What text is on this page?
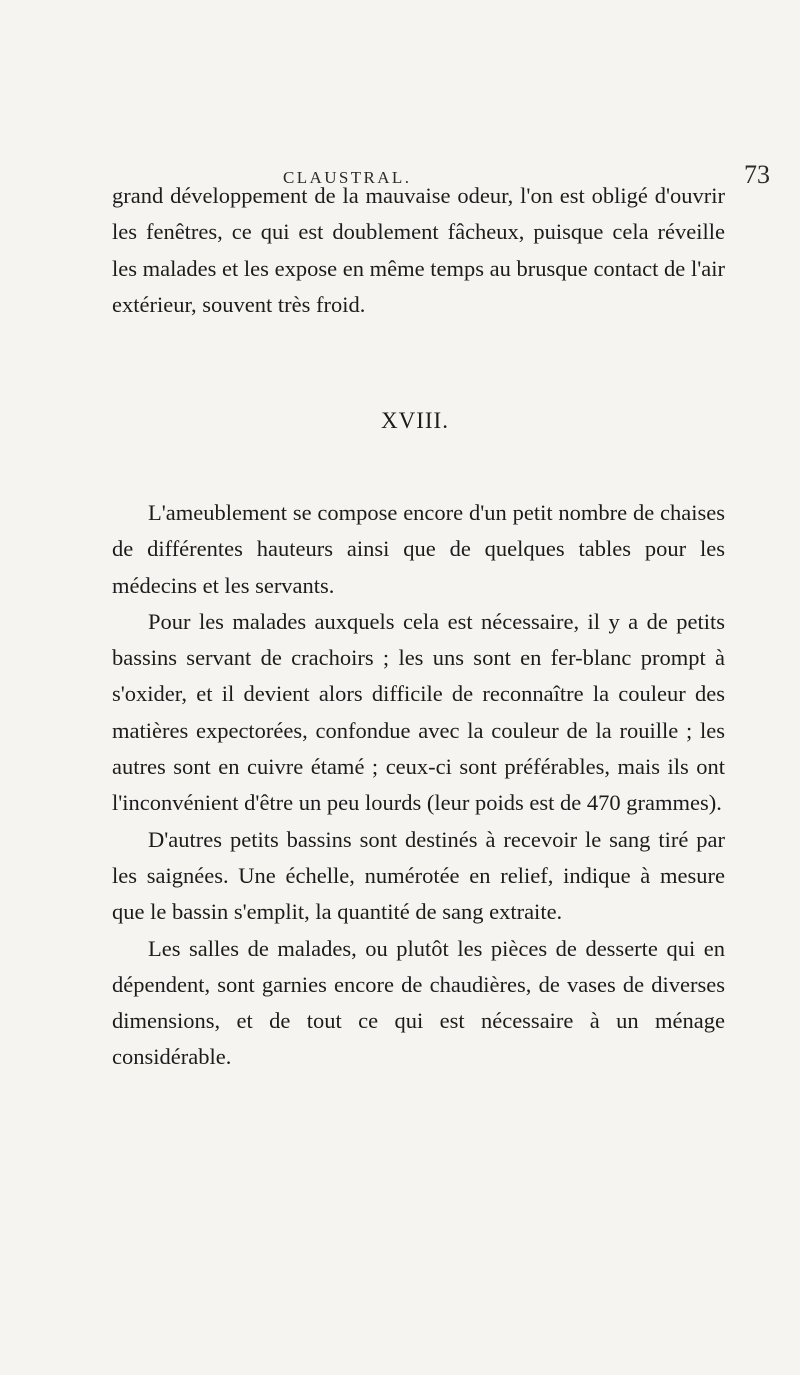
CLAUSTRAL.	73

grand développement de la mauvaise odeur, l'on est obligé d'ouvrir les fenêtres, ce qui est doublement fâcheux, puisque cela réveille les malades et les expose en même temps au brusque contact de l'air extérieur, souvent très froid.

XVIII.

L'ameublement se compose encore d'un petit nombre de chaises de différentes hauteurs ainsi que de quelques tables pour les médecins et les servants.

Pour les malades auxquels cela est nécessaire, il y a de petits bassins servant de crachoirs ; les uns sont en fer-blanc prompt à s'oxider, et il devient alors difficile de reconnaître la couleur des matières expectorées, confondue avec la couleur de la rouille ; les autres sont en cuivre étamé ; ceux-ci sont préférables, mais ils ont l'inconvénient d'être un peu lourds (leur poids est de 470 grammes).

D'autres petits bassins sont destinés à recevoir le sang tiré par les saignées. Une échelle, numérotée en relief, indique à mesure que le bassin s'emplit, la quantité de sang extraite.

Les salles de malades, ou plutôt les pièces de desserte qui en dépendent, sont garnies encore de chaudières, de vases de diverses dimensions, et de tout ce qui est nécessaire à un ménage considérable.
